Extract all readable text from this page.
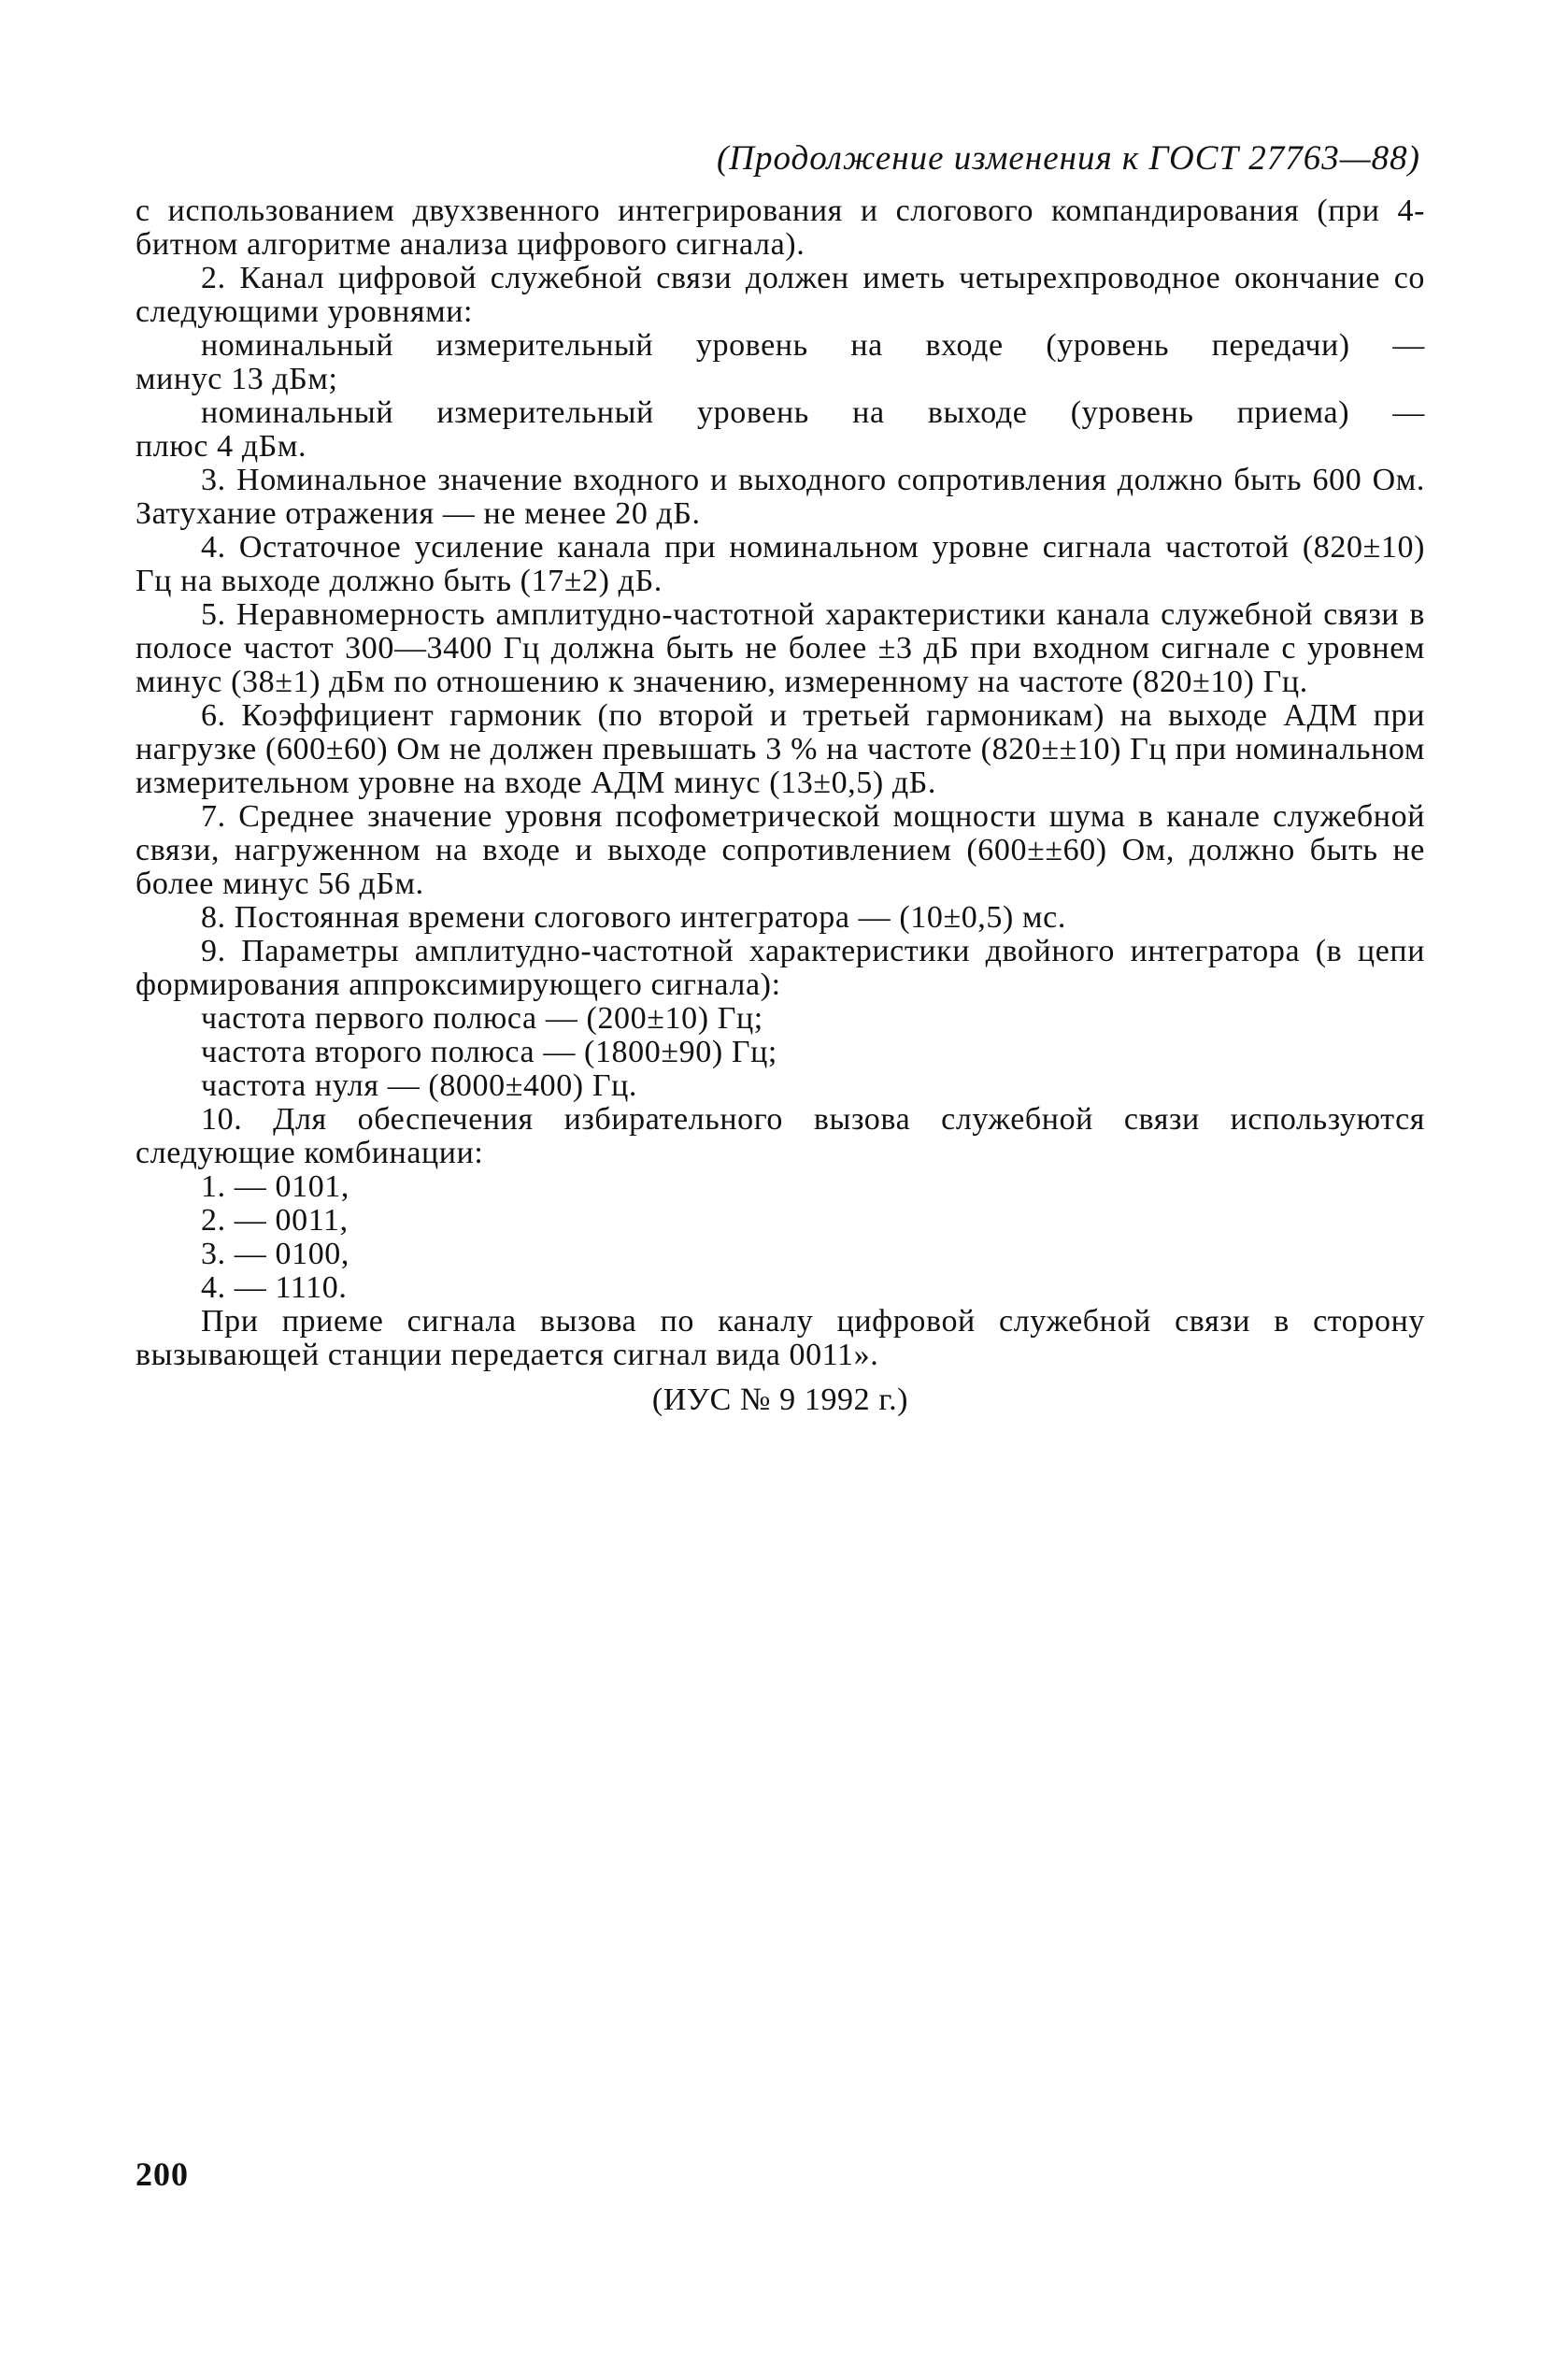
(Продолжение изменения к ГОСТ 27763—88)

с использованием двухзвенного интегрирования и слогового компандирования (при 4-битном алгоритме анализа цифрового сигнала).

2. Канал цифровой служебной связи должен иметь четырехпроводное окончание со следующими уровнями:

номинальный измерительный уровень на входе (уровень передачи) —
минус 13 дБм;
номинальный измерительный уровень на выходе (уровень приема) —
плюс 4 дБм.

3. Номинальное значение входного и выходного сопротивления должно быть 600 Ом. Затухание отражения — не менее 20 дБ.

4. Остаточное усиление канала при номинальном уровне сигнала частотой (820±10) Гц на выходе должно быть (17±2) дБ.

5. Неравномерность амплитудно-частотной характеристики канала служебной связи в полосе частот 300—3400 Гц должна быть не более ±3 дБ при входном сигнале с уровнем минус (38±1) дБм по отношению к значению, измеренному на частоте (820±10) Гц.

6. Коэффициент гармоник (по второй и третьей гармоникам) на выходе АДМ при нагрузке (600±60) Ом не должен превышать 3 % на частоте (820±±10) Гц при номинальном измерительном уровне на входе АДМ минус (13±0,5) дБ.

7. Среднее значение уровня псофометрической мощности шума в канале служебной связи, нагруженном на входе и выходе сопротивлением (600±±60) Ом, должно быть не более минус 56 дБм.

8. Постоянная времени слогового интегратора — (10±0,5) мс.

9. Параметры амплитудно-частотной характеристики двойного интегратора (в цепи формирования аппроксимирующего сигнала):

частота первого полюса — (200±10) Гц;

частота второго полюса — (1800±90) Гц;

частота нуля — (8000±400) Гц.

10. Для обеспечения избирательного вызова служебной связи используются следующие комбинации:

1. — 0101,

2. — 0011,

3. — 0100,

4. — 1110.

При приеме сигнала вызова по каналу цифровой служебной связи в сторону вызывающей станции передается сигнал вида 0011».

(ИУС № 9 1992 г.)

200
